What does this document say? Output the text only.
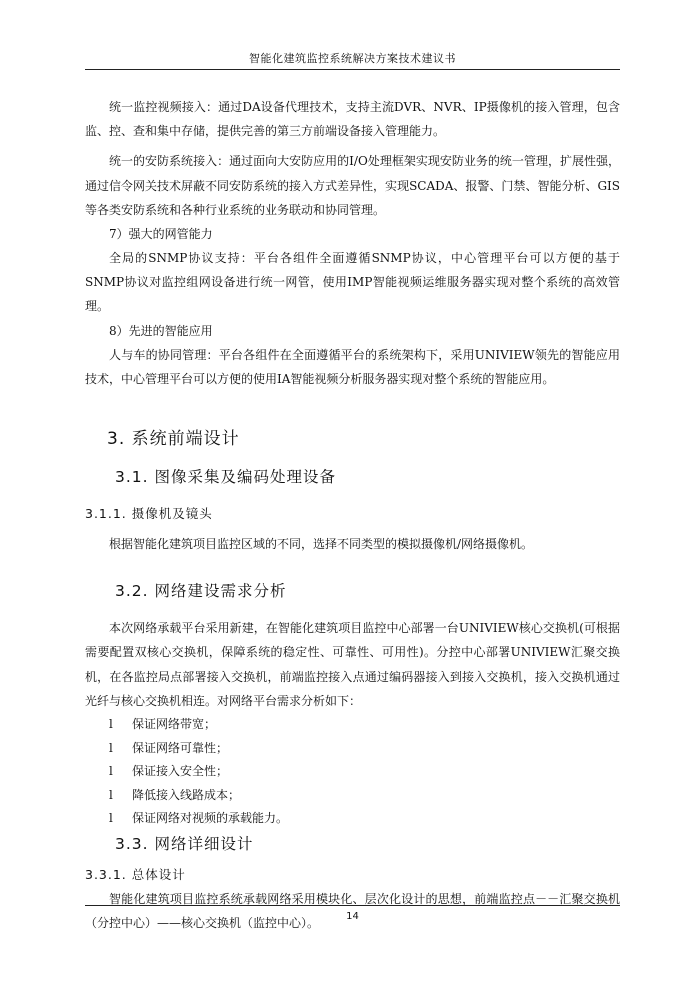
智能化建筑监控系统解决方案技术建议书

统一监控视频接入：通过DA设备代理技术，支持主流DVR、NVR、IP摄像机的接入管理，包含监、控、查和集中存储，提供完善的第三方前端设备接入管理能力。

统一的安防系统接入：通过面向大安防应用的I/O处理框架实现安防业务的统一管理，扩展性强，通过信令网关技术屏蔽不同安防系统的接入方式差异性，实现SCADA、报警、门禁、智能分析、GIS等各类安防系统和各种行业系统的业务联动和协同管理。

7）强大的网管能力

全局的SNMP协议支持：平台各组件全面遵循SNMP协议，中心管理平台可以方便的基于SNMP协议对监控组网设备进行统一网管，使用IMP智能视频运维服务器实现对整个系统的高效管理。

8）先进的智能应用

人与车的协同管理：平台各组件在全面遵循平台的系统架构下，采用UNIVIEW领先的智能应用技术，中心管理平台可以方便的使用IA智能视频分析服务器实现对整个系统的智能应用。

3. 系统前端设计
3.1. 图像采集及编码处理设备
3.1.1. 摄像机及镜头

根据智能化建筑项目监控区域的不同，选择不同类型的模拟摄像机/网络摄像机。

3.2. 网络建设需求分析

本次网络承载平台采用新建，在智能化建筑项目监控中心部署一台UNIVIEW核心交换机(可根据需要配置双核心交换机，保障系统的稳定性、可靠性、可用性)。分控中心部署UNIVIEW汇聚交换机，在各监控局点部署接入交换机，前端监控接入点通过编码器接入到接入交换机，接入交换机通过光纤与核心交换机相连。对网络平台需求分析如下：

l 保证网络带宽；
l 保证网络可靠性；
l 保证接入安全性；
l 降低接入线路成本；
l 保证网络对视频的承载能力。
3.3. 网络详细设计
3.3.1. 总体设计

智能化建筑项目监控系统承载网络采用模块化、层次化设计的思想，前端监控点－－汇聚交换机（分控中心）——核心交换机（监控中心）。	14
